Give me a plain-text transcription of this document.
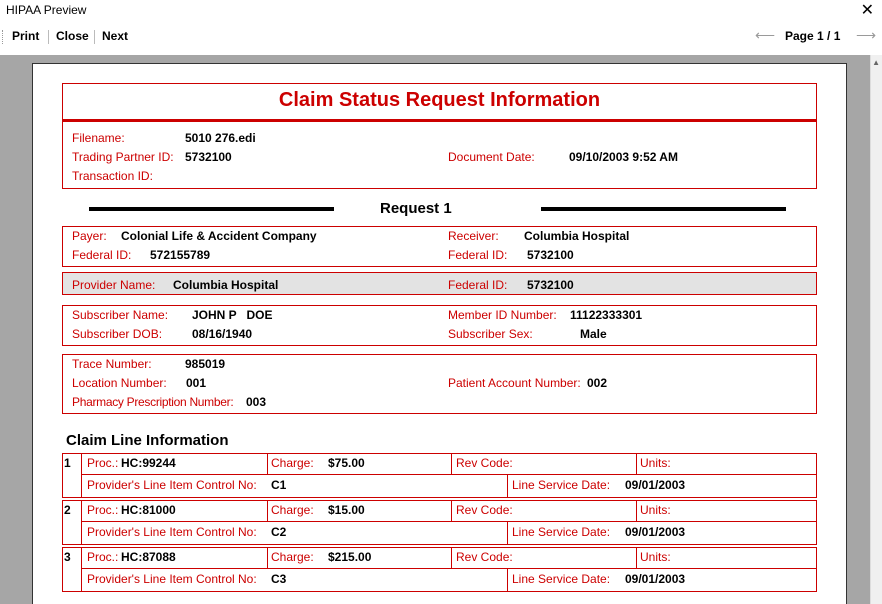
HIPAA Preview	✕
Print Close Next	⟵ Page 1 / 1 ⟶
▲
Claim Status Request Information
Filename:	5010 276.edi
Trading Partner ID: 5732100	Document Date:	09/10/2003 9:52 AM
Transaction ID:
Request 1
Payer: Colonial Life & Accident Company	Receiver: Columbia Hospital
Federal ID: 572155789	Federal ID: 5732100
Provider Name: Columbia Hospital	Federal ID: 5732100
Subscriber Name: JOHN P   DOE	Member ID Number: 11122333301
Subscriber DOB: 08/16/1940	Subscriber Sex:	Male
Trace Number:	985019
Location Number: 001	Patient Account Number: 002
Pharmacy Prescription Number: 003
Claim Line Information
1 Proc.: HC:99244	Charge: $75.00	Rev Code:	Units:
Provider's Line Item Control No: C1	Line Service Date: 09/01/2003
2 Proc.: HC:81000	Charge: $15.00	Rev Code:	Units:
Provider's Line Item Control No: C2	Line Service Date: 09/01/2003
3 Proc.: HC:87088	Charge: $215.00	Rev Code:	Units:
Provider's Line Item Control No: C3	Line Service Date: 09/01/2003
